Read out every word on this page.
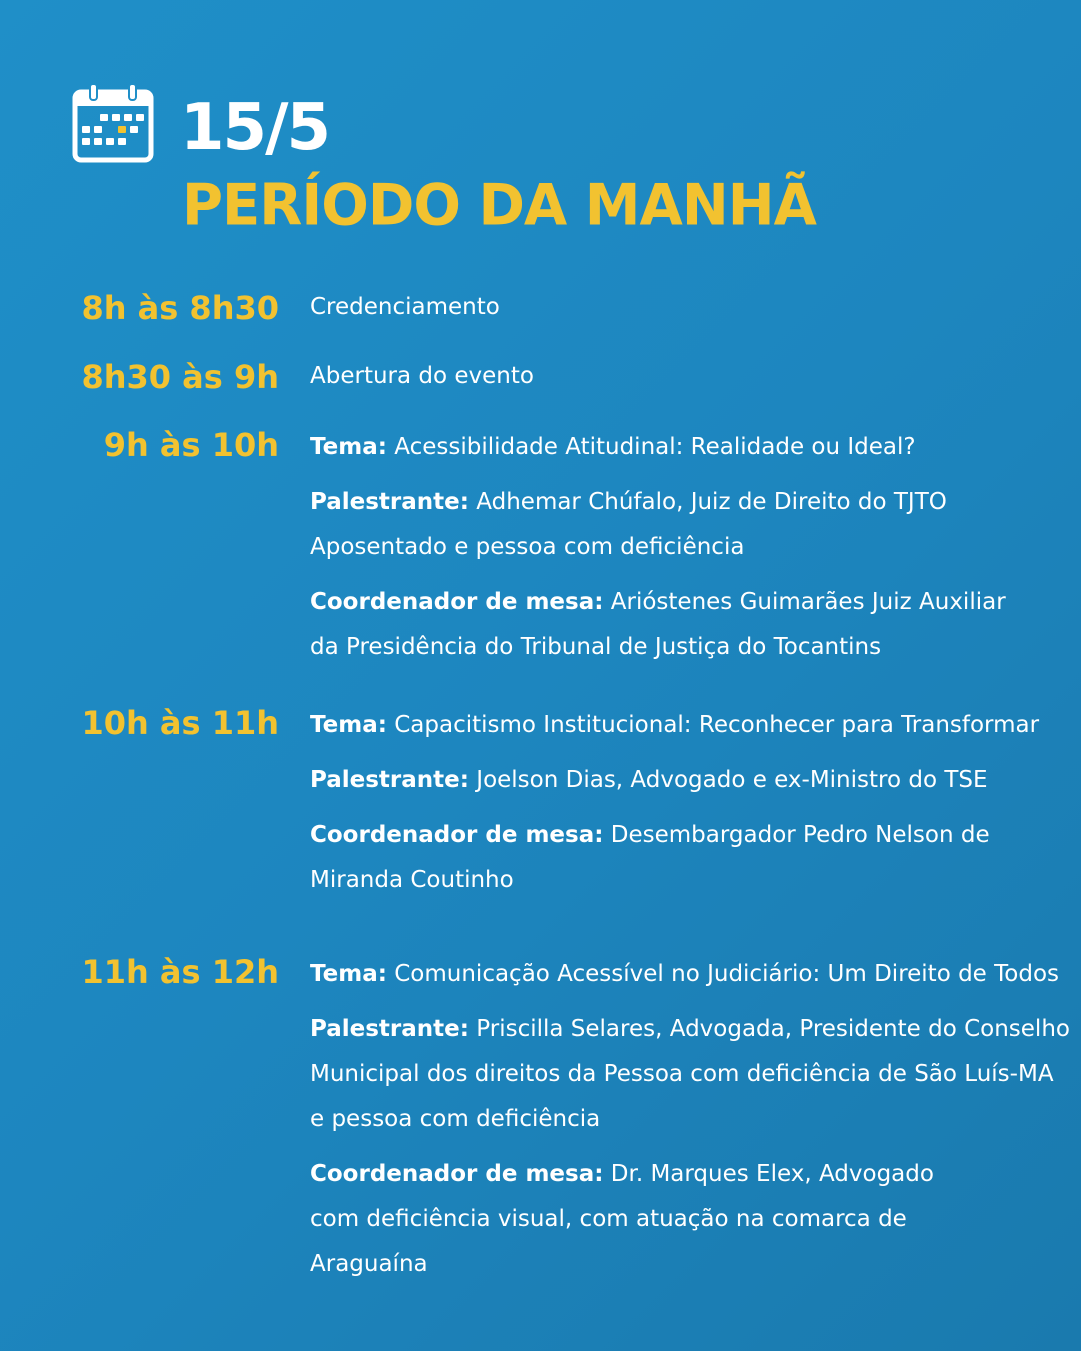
15/5
PERÍODO DA MANHÃ
8h às 8h30 Credenciamento

8h30 às 9h Abertura do evento

9h às 10h Tema: Acessibilidade Atitudinal: Realidade ou Ideal?

Palestrante: Adhemar Chúfalo, Juiz de Direito do TJTO Aposentado e pessoa com deficiência

Coordenador de mesa: Arióstenes Guimarães Juiz Auxiliar da Presidência do Tribunal de Justiça do Tocantins

10h às 11h Tema: Capacitismo Institucional: Reconhecer para Transformar

Palestrante: Joelson Dias, Advogado e ex-Ministro do TSE

Coordenador de mesa: Desembargador Pedro Nelson de Miranda Coutinho

11h às 12h Tema: Comunicação Acessível no Judiciário: Um Direito de Todos

Palestrante: Priscilla Selares, Advogada, Presidente do Conselho Municipal dos direitos da Pessoa com deficiência de São Luís-MA e pessoa com deficiência

Coordenador de mesa: Dr. Marques Elex, Advogado com deficiência visual, com atuação na comarca de Araguaína
